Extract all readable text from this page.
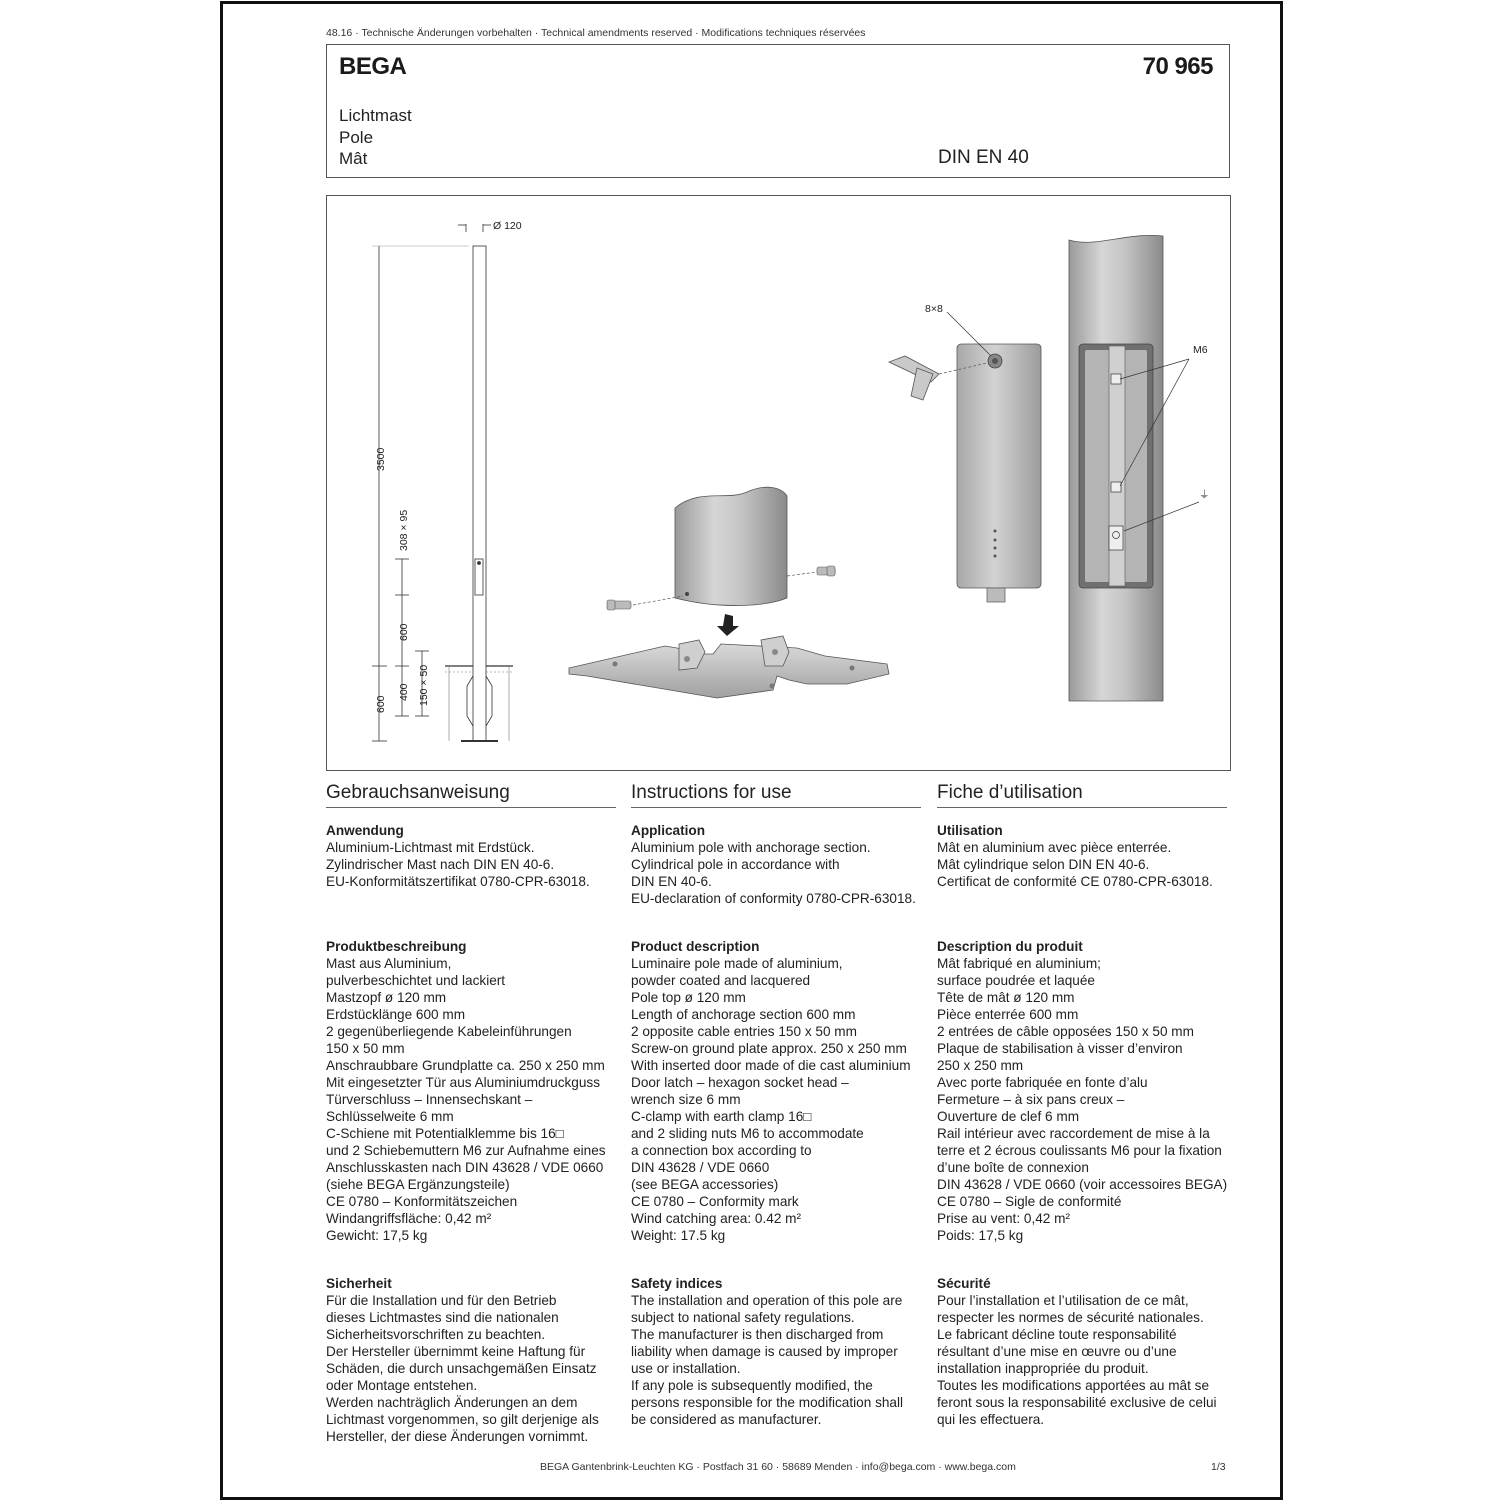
48.16 · Technische Änderungen vorbehalten · Technical amendments reserved · Modifications techniques réservées
BEGA	70 965
Lichtmast
Pole
Mât	DIN EN 40
Ø 120
3500
308 × 95
600
150 × 50
400
600
8×8
M6
⏚
Gebrauchsanweisung	Instructions for use	Fiche d’utilisation
Anwendung
Aluminium-Lichtmast mit Erdstück.
Zylindrischer Mast nach DIN EN 40-6.
EU-Konformitätszertifikat 0780-CPR-63018.
Produktbeschreibung
Mast aus Aluminium,
pulverbeschichtet und lackiert
Mastzopf ø 120 mm
Erdstücklänge 600 mm
2 gegenüberliegende Kabeleinführungen
150 x 50 mm
Anschraubbare Grundplatte ca. 250 x 250 mm
Mit eingesetzter Tür aus Aluminiumdruckguss
Türverschluss – Innensechskant –
Schlüsselweite 6 mm
C-Schiene mit Potentialklemme bis 16□
und 2 Schiebemuttern M6 zur Aufnahme eines
Anschlusskasten nach DIN 43628 / VDE 0660
(siehe BEGA Ergänzungsteile)
CE 0780 – Konformitätszeichen
Windangriffsfläche: 0,42 m²
Gewicht: 17,5 kg
Sicherheit
Für die Installation und für den Betrieb
dieses Lichtmastes sind die nationalen
Sicherheitsvorschriften zu beachten.
Der Hersteller übernimmt keine Haftung für
Schäden, die durch unsachgemäßen Einsatz
oder Montage entstehen.
Werden nachträglich Änderungen an dem
Lichtmast vorgenommen, so gilt derjenige als
Hersteller, der diese Änderungen vornimmt.
Application
Aluminium pole with anchorage section.
Cylindrical pole in accordance with
DIN EN 40-6.
EU-declaration of conformity 0780-CPR-63018.
Product description
Luminaire pole made of aluminium,
powder coated and lacquered
Pole top ø 120 mm
Length of anchorage section 600 mm
2 opposite cable entries 150 x 50 mm
Screw-on ground plate approx. 250 x 250 mm
With inserted door made of die cast aluminium
Door latch – hexagon socket head –
wrench size 6 mm
C-clamp with earth clamp 16□
and 2 sliding nuts M6 to accommodate
a connection box according to
DIN 43628 / VDE 0660
(see BEGA accessories)
CE 0780 – Conformity mark
Wind catching area: 0.42 m²
Weight: 17.5 kg
Safety indices
The installation and operation of this pole are
subject to national safety regulations.
The manufacturer is then discharged from
liability when damage is caused by improper
use or installation.
If any pole is subsequently modified, the
persons responsible for the modification shall
be considered as manufacturer.
Utilisation
Mât en aluminium avec pièce enterrée.
Mât cylindrique selon DIN EN 40-6.
Certificat de conformité CE 0780-CPR-63018.
Description du produit
Mât fabriqué en aluminium;
surface poudrée et laquée
Tête de mât ø 120 mm
Pièce enterrée 600 mm
2 entrées de câble opposées 150 x 50 mm
Plaque de stabilisation à visser d’environ
250 x 250 mm
Avec porte fabriquée en fonte d’alu
Fermeture – à six pans creux –
Ouverture de clef 6 mm
Rail intérieur avec raccordement de mise à la
terre et 2 écrous coulissants M6 pour la fixation
d’une boîte de connexion
DIN 43628 / VDE 0660 (voir accessoires BEGA)
CE 0780 – Sigle de conformité
Prise au vent: 0,42 m²
Poids: 17,5 kg
Sécurité
Pour l’installation et l’utilisation de ce mât,
respecter les normes de sécurité nationales.
Le fabricant décline toute responsabilité
résultant d’une mise en œuvre ou d’une
installation inappropriée du produit.
Toutes les modifications apportées au mât se
feront sous la responsabilité exclusive de celui
qui les effectuera.
BEGA Gantenbrink-Leuchten KG · Postfach 31 60 · 58689 Menden · info@bega.com · www.bega.com	1/3
